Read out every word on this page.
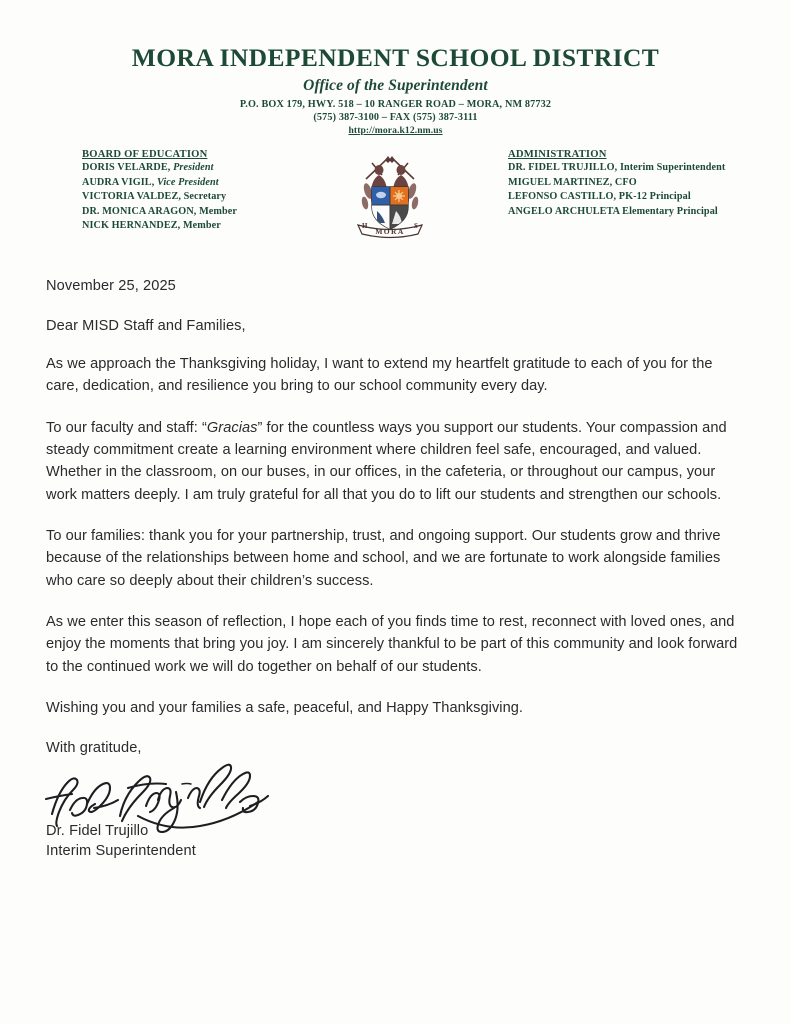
MORA INDEPENDENT SCHOOL DISTRICT
Office of the Superintendent
P.O. BOX 179, HWY. 518 – 10 RANGER ROAD – MORA, NM 87732
(575) 387-3100 – FAX (575) 387-3111
http://mora.k12.nm.us
BOARD OF EDUCATION
DORIS VELARDE, President
AUDRA VIGIL, Vice President
VICTORIA VALDEZ, Secretary
DR. MONICA ARAGON, Member
NICK HERNANDEZ, Member
MORA
H	S
ADMINISTRATION
DR. FIDEL TRUJILLO, Interim Superintendent
MIGUEL MARTINEZ, CFO
LEFONSO CASTILLO, PK-12 Principal
ANGELO ARCHULETA Elementary Principal
November 25, 2025
Dear MISD Staff and Families,

As we approach the Thanksgiving holiday, I want to extend my heartfelt gratitude to each of you for the care, dedication, and resilience you bring to our school community every day.

To our faculty and staff: “Gracias” for the countless ways you support our students. Your compassion and steady commitment create a learning environment where children feel safe, encouraged, and valued. Whether in the classroom, on our buses, in our offices, in the cafeteria, or throughout our campus, your work matters deeply. I am truly grateful for all that you do to lift our students and strengthen our schools.

To our families: thank you for your partnership, trust, and ongoing support. Our students grow and thrive because of the relationships between home and school, and we are fortunate to work alongside families who care so deeply about their children’s success.

As we enter this season of reflection, I hope each of you finds time to rest, reconnect with loved ones, and enjoy the moments that bring you joy. I am sincerely thankful to be part of this community and look forward to the continued work we will do together on behalf of our students.

Wishing you and your families a safe, peaceful, and Happy Thanksgiving.

With gratitude,
Dr. Fidel Trujillo
Interim Superintendent
